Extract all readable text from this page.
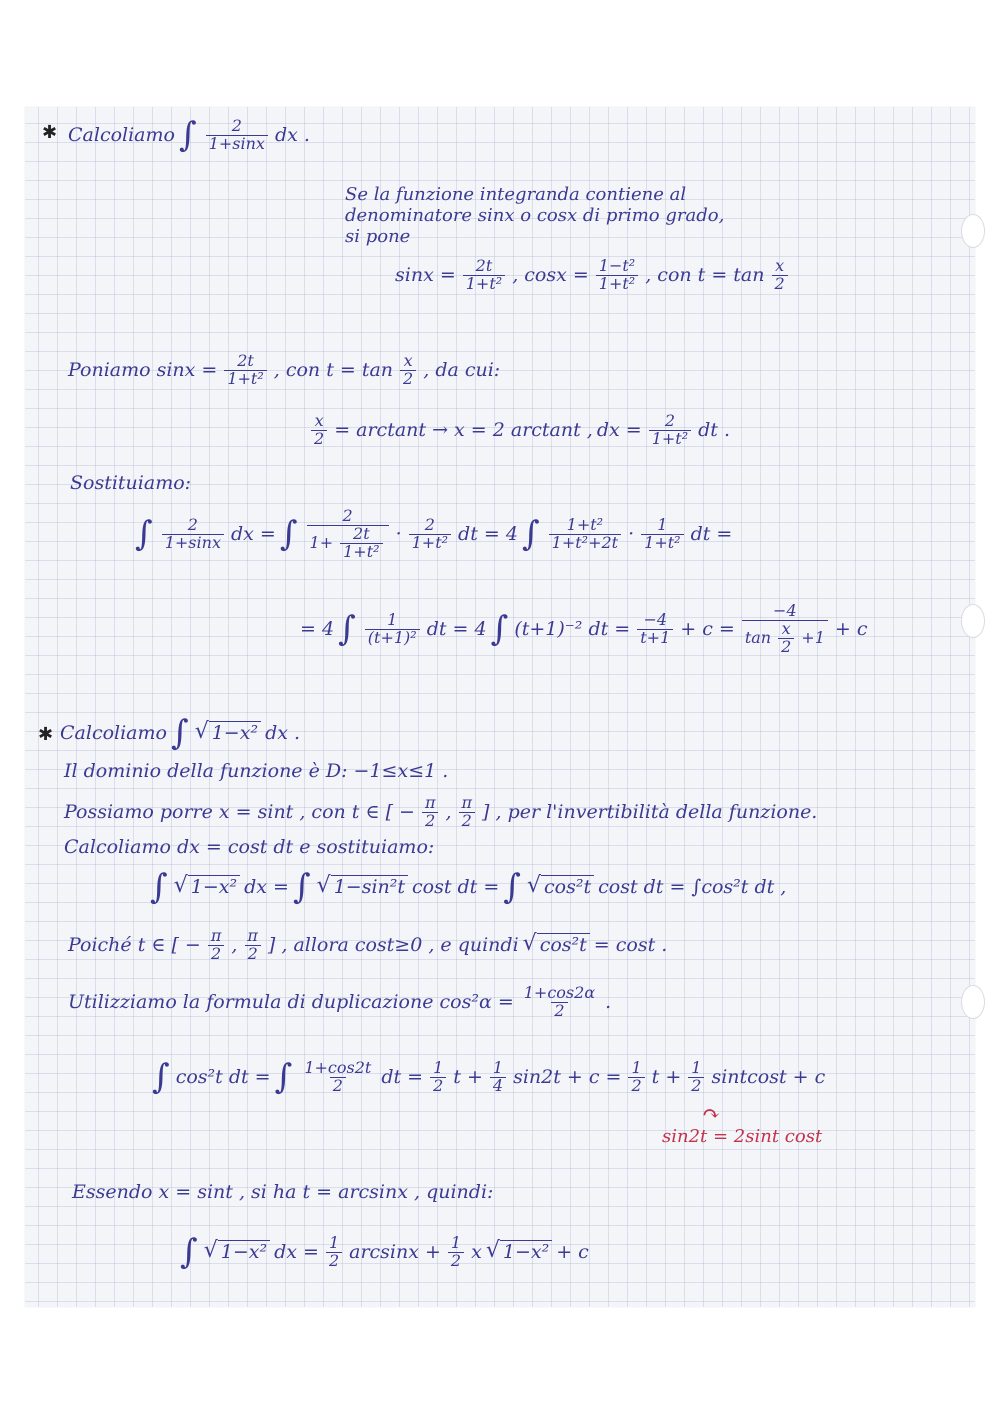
✱ Calcoliamo ∫ $\frac{2}{1+\sin x}$ dx .
Se la funzione integranda contiene al
denominatore sinx o cosx di primo grado,
si pone
$\sin x = \frac{2t}{\text{1+t²}}$ , $\cos x = \frac{\text{1−t²}}{\text{1+t²}}$ , con $t = \tan \frac{x}{2}$
Poniamo $\sin x = \frac{2t}{\text{1+t²}}$ , con $t = \tan \frac{x}{2}$ , da cui:
$\frac{x}{2} = \arctan t \to x = 2$ arctant , dx = $\frac{2}{\text{1+t²}}$ dt .
Sostituiamo:
∫ $\frac{2}{1+\sin x}$ dx = ∫ $\frac{2}{1+ \frac{2t}{\text{1+t²}}} \cdot \frac{2}{\text{1+t²}}$ dt = 4 ∫ $\frac{\text{1+t²}}{\text{1+t²+2t}} \cdot \frac{1}{\text{1+t²}}$ dt =
= 4 ∫ $\frac{1}{\text{(t+1)²}}$ dt = 4 ∫ (t+1)⁻² dt = $\frac{-4}{t+1} + c = \frac{-4}{\tan \frac{x}{2} +1} + c$
✱ Calcoliamo ∫ √ 1−x² dx .
Il dominio della funzione è D: −1≤x≤1 .
Possiamo porre x = sint , con t ∈ [ − $\frac{\pi}{2}$ , $\frac{\pi}{2}$ ] , per l'invertibilità della funzione.
Calcoliamo dx = cost dt e sostituiamo:
∫ √ 1−x² dx = ∫ √ 1−sin²t cost dt = ∫ √ cos²t cost dt = ∫cos²t dt ,
Poiché t ∈ [ − $\frac{\pi}{2}$ , $\frac{\pi}{2}$ ] , allora cost≥0 , e quindi √ cos²t = cost .
Utilizziamo la formula di duplicazione $\cos^2\alpha = \frac{1+\cos 2\alpha}{2}$ .
∫ cos²t dt = ∫ $\frac{1+\cos 2t}{2}$ dt = $\frac{1}{2}$ $t + \frac{1}{4} \sin 2t + c = \frac{1}{2}$ $t + \frac{1}{2}$ sintcost + c
↷
sin2t = 2sint cost
Essendo x = sint , si ha t = arcsinx , quindi:
∫ √ 1−x² dx = $\frac{1}{2}$ $\arcsin x + \frac{1}{2}$ x √ 1−x² + c
